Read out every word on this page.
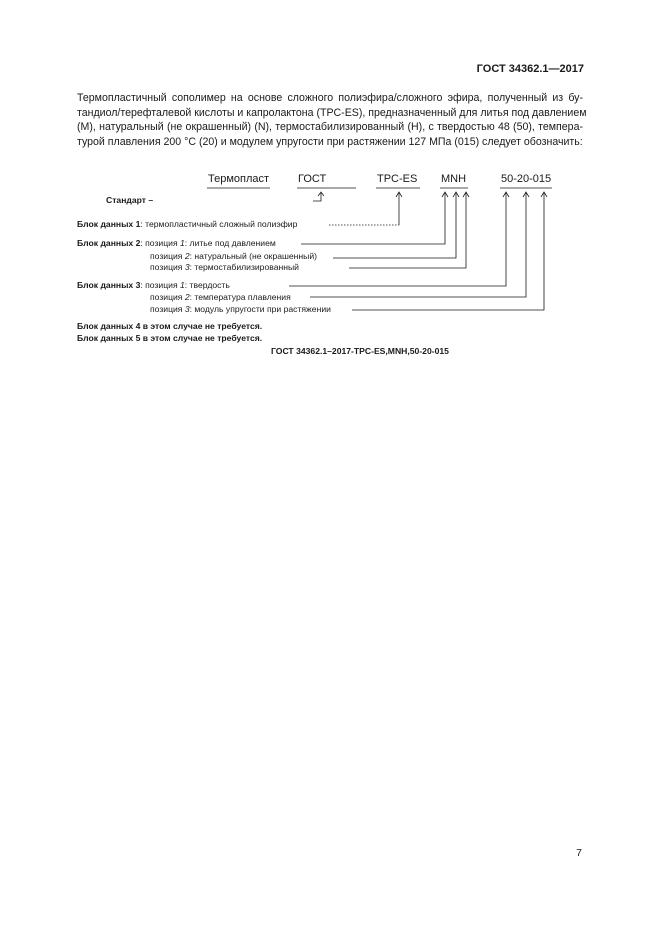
ГОСТ 34362.1—2017
Термопластичный сополимер на основе сложного полиэфира/сложного эфира, полученный из бу-
тандиол/терефталевой кислоты и капролактона (TPC-ES), предназначенный для литья под давлением
(M), натуральный (не окрашенный) (N), термостабилизированный (H), с твердостью 48 (50), темпера-
турой плавления 200 °С (20) и модулем упругости при растяжении 127 МПа (015) следует обозначить:
Термопласт	ГОСТ	TPC-ES MNH	50-20-015
Стандарт –
Блок данных 1: термопластичный сложный полиэфир
Блок данных 2: позиция 1: литье под давлением
позиция 2: натуральный (не окрашенный)
позиция 3: термостабилизированный
Блок данных 3: позиция 1: твердость
позиция 2: температура плавления
позиция 3: модуль упругости при растяжении
Блок данных 4 в этом случае не требуется.
Блок данных 5 в этом случае не требуется.
ГОСТ 34362.1–2017-TPC-ES,MNH,50-20-015
7
